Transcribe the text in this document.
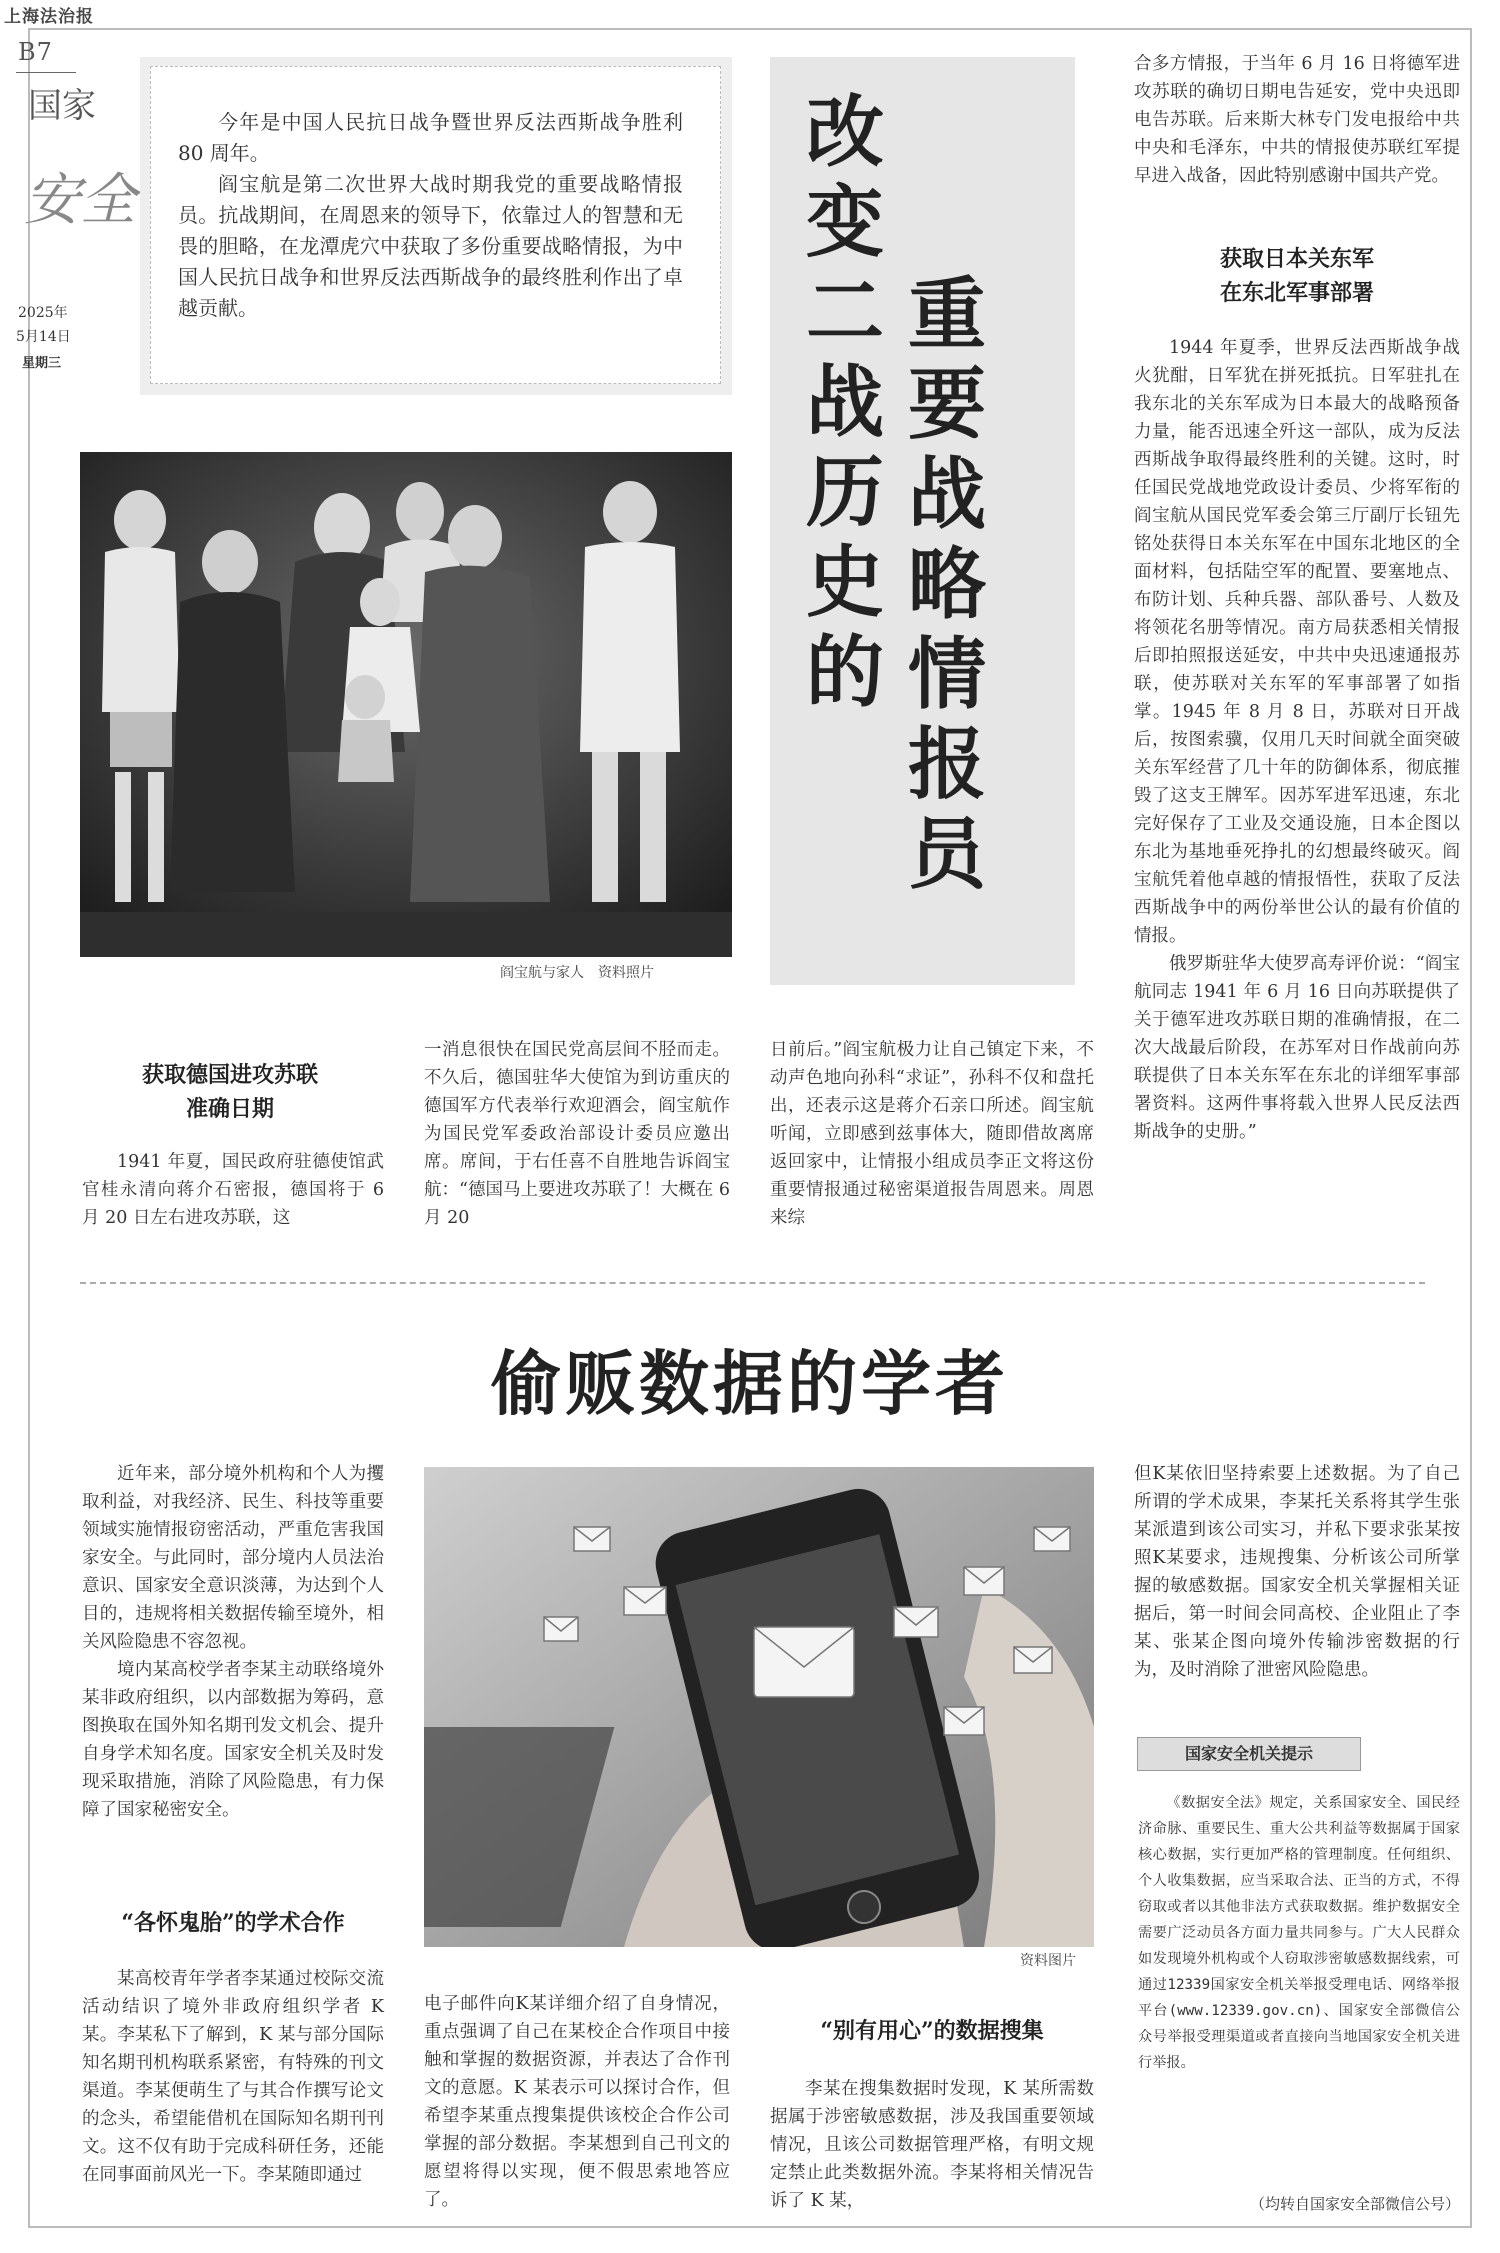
上海法治报
B7
国家
安全
2025年
5月14日
星期三

今年是中国人民抗日战争暨世界反法西斯战争胜利 80 周年。

阎宝航是第二次世界大战时期我党的重要战略情报员。抗战期间，在周恩来的领导下，依靠过人的智慧和无畏的胆略，在龙潭虎穴中获取了多份重要战略情报，为中国人民抗日战争和世界反法西斯战争的最终胜利作出了卓越贡献。

阎宝航与家人　资料照片
改变二战历史的
重要战略情报员
获取德国进攻苏联
准确日期

1941 年夏，国民政府驻德使馆武官桂永清向蒋介石密报，德国将于 6 月 20 日左右进攻苏联，这

一消息很快在国民党高层间不胫而走。不久后，德国驻华大使馆为到访重庆的德国军方代表举行欢迎酒会，阎宝航作为国民党军委政治部设计委员应邀出席。席间，于右任喜不自胜地告诉阎宝航：“德国马上要进攻苏联了！大概在 6 月 20

日前后。”阎宝航极力让自己镇定下来，不动声色地向孙科“求证”，孙科不仅和盘托出，还表示这是蒋介石亲口所述。阎宝航听闻，立即感到兹事体大，随即借故离席返回家中，让情报小组成员李正文将这份重要情报通过秘密渠道报告周恩来。周恩来综

合多方情报，于当年 6 月 16 日将德军进攻苏联的确切日期电告延安，党中央迅即电告苏联。后来斯大林专门发电报给中共中央和毛泽东，中共的情报使苏联红军提早进入战备，因此特别感谢中国共产党。

获取日本关东军
在东北军事部署

1944 年夏季，世界反法西斯战争战火犹酣，日军犹在拼死抵抗。日军驻扎在我东北的关东军成为日本最大的战略预备力量，能否迅速全歼这一部队，成为反法西斯战争取得最终胜利的关键。这时，时任国民党战地党政设计委员、少将军衔的阎宝航从国民党军委会第三厅副厅长钮先铭处获得日本关东军在中国东北地区的全面材料，包括陆空军的配置、要塞地点、布防计划、兵种兵器、部队番号、人数及将领花名册等情况。南方局获悉相关情报后即拍照报送延安，中共中央迅速通报苏联，使苏联对关东军的军事部署了如指掌。1945 年 8 月 8 日，苏联对日开战后，按图索骥，仅用几天时间就全面突破关东军经营了几十年的防御体系，彻底摧毁了这支王牌军。因苏军进军迅速，东北完好保存了工业及交通设施，日本企图以东北为基地垂死挣扎的幻想最终破灭。阎宝航凭着他卓越的情报悟性，获取了反法西斯战争中的两份举世公认的最有价值的情报。

俄罗斯驻华大使罗高寿评价说：“阎宝航同志 1941 年 6 月 16 日向苏联提供了关于德军进攻苏联日期的准确情报，在二次大战最后阶段，在苏军对日作战前向苏联提供了日本关东军在东北的详细军事部署资料。这两件事将载入世界人民反法西斯战争的史册。”

偷贩数据的学者

近年来，部分境外机构和个人为攫取利益，对我经济、民生、科技等重要领域实施情报窃密活动，严重危害我国家安全。与此同时，部分境内人员法治意识、国家安全意识淡薄，为达到个人目的，违规将相关数据传输至境外，相关风险隐患不容忽视。

境内某高校学者李某主动联络境外某非政府组织，以内部数据为筹码，意图换取在国外知名期刊发文机会、提升自身学术知名度。国家安全机关及时发现采取措施，消除了风险隐患，有力保障了国家秘密安全。

“各怀鬼胎”的学术合作

某高校青年学者李某通过校际交流活动结识了境外非政府组织学者 K 某。李某私下了解到，K 某与部分国际知名期刊机构联系紧密，有特殊的刊文渠道。李某便萌生了与其合作撰写论文的念头，希望能借机在国际知名期刊刊文。这不仅有助于完成科研任务，还能在同事面前风光一下。李某随即通过

资料图片

电子邮件向K某详细介绍了自身情况，重点强调了自己在某校企合作项目中接触和掌握的数据资源，并表达了合作刊文的意愿。K 某表示可以探讨合作，但希望李某重点搜集提供该校企合作公司掌握的部分数据。李某想到自己刊文的愿望将得以实现，便不假思索地答应了。

“别有用心”的数据搜集

李某在搜集数据时发现，K 某所需数据属于涉密敏感数据，涉及我国重要领域情况，且该公司数据管理严格，有明文规定禁止此类数据外流。李某将相关情况告诉了 K 某，

但K某依旧坚持索要上述数据。为了自己所谓的学术成果，李某托关系将其学生张某派遣到该公司实习，并私下要求张某按照K某要求，违规搜集、分析该公司所掌握的敏感数据。国家安全机关掌握相关证据后，第一时间会同高校、企业阻止了李某、张某企图向境外传输涉密数据的行为，及时消除了泄密风险隐患。

国家安全机关提示

《数据安全法》规定，关系国家安全、国民经济命脉、重要民生、重大公共利益等数据属于国家核心数据，实行更加严格的管理制度。任何组织、个人收集数据，应当采取合法、正当的方式，不得窃取或者以其他非法方式获取数据。维护数据安全需要广泛动员各方面力量共同参与。广大人民群众如发现境外机构或个人窃取涉密敏感数据线索，可通过12339国家安全机关举报受理电话、网络举报平台(www.12339.gov.cn)、国家安全部微信公众号举报受理渠道或者直接向当地国家安全机关进行举报。

（均转自国家安全部微信公号）
